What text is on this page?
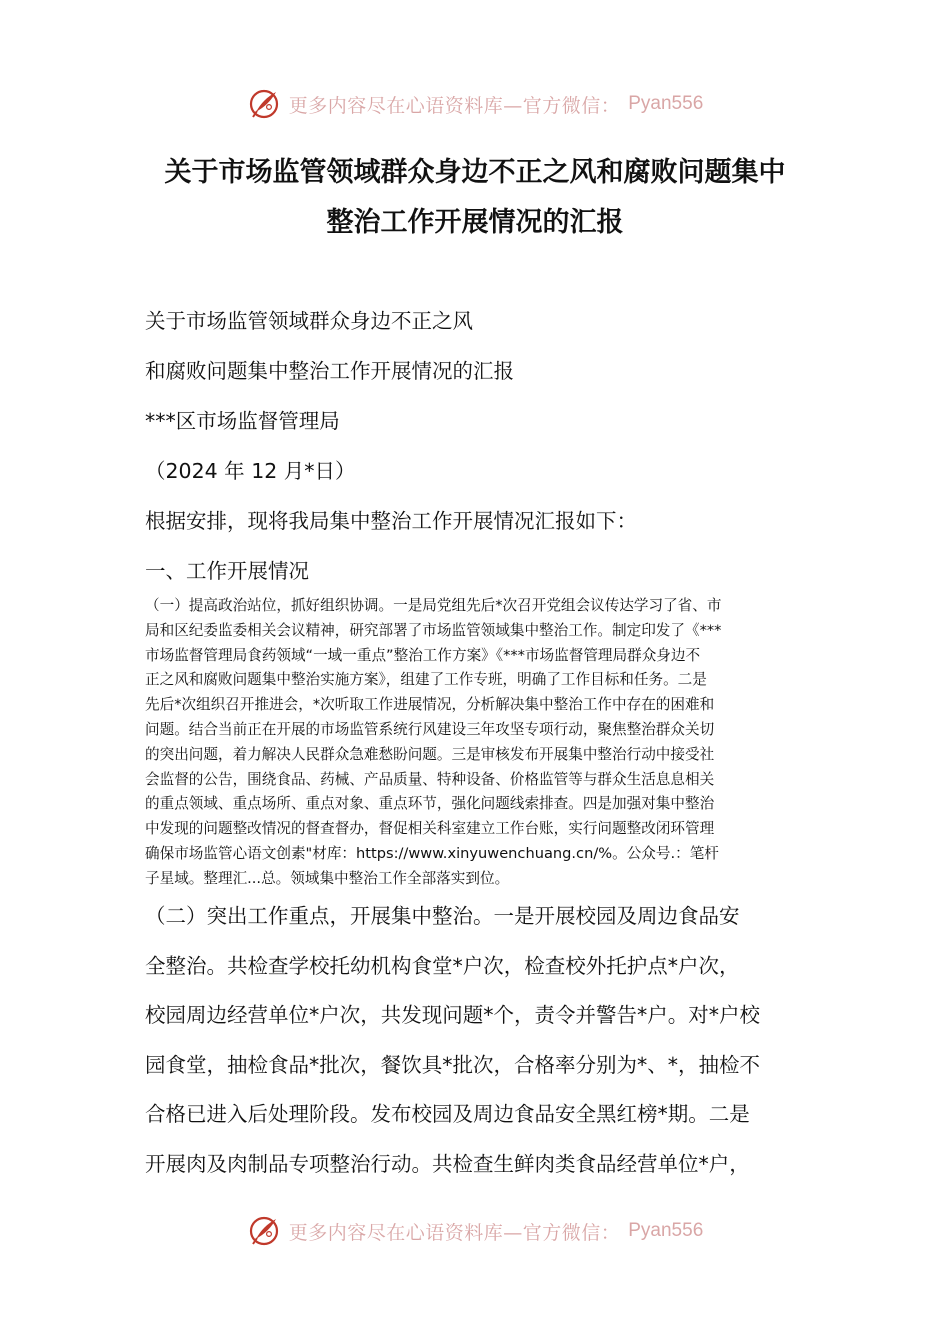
更多内容尽在心语资料库—官方微信： Pyan556
关于市场监管领域群众身边不正之风和腐败问题集中
整治工作开展情况的汇报
关于市场监管领域群众身边不正之风
和腐败问题集中整治工作开展情况的汇报
***区市场监督管理局
（2024 年 12 月*日）
根据安排，现将我局集中整治工作开展情况汇报如下：
一、工作开展情况
（一）提高政治站位，抓好组织协调。一是局党组先后*次召开党组会议传达学习了省、市
局和区纪委监委相关会议精神，研究部署了市场监管领域集中整治工作。制定印发了《***
市场监督管理局食药领域“一域一重点”整治工作方案》《***市场监督管理局群众身边不
正之风和腐败问题集中整治实施方案》，组建了工作专班，明确了工作目标和任务。二是
先后*次组织召开推进会，*次听取工作进展情况，分析解决集中整治工作中存在的困难和
问题。结合当前正在开展的市场监管系统行风建设三年攻坚专项行动，聚焦整治群众关切
的突出问题，着力解决人民群众急难愁盼问题。三是审核发布开展集中整治行动中接受社
会监督的公告，围绕食品、药械、产品质量、特种设备、价格监管等与群众生活息息相关
的重点领域、重点场所、重点对象、重点环节，强化问题线索排查。四是加强对集中整治
中发现的问题整改情况的督查督办，督促相关科室建立工作台账，实行问题整改闭环管理
确保市场监管心语文创素"材库：https://www.xinyuwenchuang.cn/%。公众号.：笔杆
子星域。整理汇...总。领域集中整治工作全部落实到位。
（二）突出工作重点，开展集中整治。一是开展校园及周边食品安
全整治。共检查学校托幼机构食堂*户次，检查校外托护点*户次，
校园周边经营单位*户次，共发现问题*个，责令并警告*户。对*户校
园食堂，抽检食品*批次，餐饮具*批次，合格率分别为*、*，抽检不
合格已进入后处理阶段。发布校园及周边食品安全黑红榜*期。二是
开展肉及肉制品专项整治行动。共检查生鲜肉类食品经营单位*户，
更多内容尽在心语资料库—官方微信： Pyan556
